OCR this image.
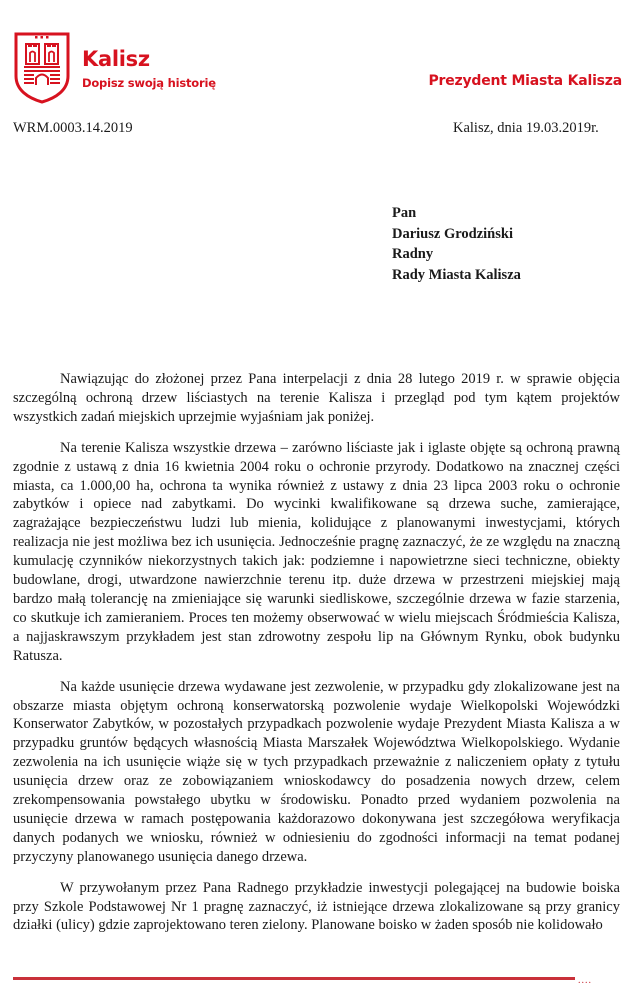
Kalisz
Dopisz swoją historię	Prezydent Miasta Kalisza
WRM.0003.14.2019	Kalisz, dnia 19.03.2019r.
Pan
Dariusz Grodziński
Radny
Rady Miasta Kalisza

Nawiązując do złożonej przez Pana interpelacji z dnia 28 lutego 2019 r. w sprawie objęcia szczególną ochroną drzew liściastych na terenie Kalisza i przegląd pod tym kątem projektów wszystkich zadań miejskich uprzejmie wyjaśniam jak poniżej.

Na terenie Kalisza wszystkie drzewa – zarówno liściaste jak i iglaste objęte są ochroną prawną zgodnie z ustawą z dnia 16 kwietnia 2004 roku o ochronie przyrody. Dodatkowo na znacznej części miasta, ca 1.000,00 ha, ochrona ta wynika również z ustawy z dnia 23 lipca 2003 roku o ochronie zabytków i opiece nad zabytkami. Do wycinki kwalifikowane są drzewa suche, zamierające, zagrażające bezpieczeństwu ludzi lub mienia, kolidujące z planowanymi inwestycjami, których realizacja nie jest możliwa bez ich usunięcia. Jednocześnie pragnę zaznaczyć, że ze względu na znaczną kumulację czynników niekorzystnych takich jak: podziemne i napowietrzne sieci techniczne, obiekty budowlane, drogi, utwardzone nawierzchnie terenu itp. duże drzewa w przestrzeni miejskiej mają bardzo małą tolerancję na zmieniające się warunki siedliskowe, szczególnie drzewa w fazie starzenia, co skutkuje ich zamieraniem. Proces ten możemy obserwować w wielu miejscach Śródmieścia Kalisza, a najjaskrawszym przykładem jest stan zdrowotny zespołu lip na Głównym Rynku, obok budynku Ratusza.

Na każde usunięcie drzewa wydawane jest zezwolenie, w przypadku gdy zlokalizowane jest na obszarze miasta objętym ochroną konserwatorską pozwolenie wydaje Wielkopolski Wojewódzki Konserwator Zabytków, w pozostałych przypadkach pozwolenie wydaje Prezydent Miasta Kalisza a w przypadku gruntów będących własnością Miasta Marszałek Województwa Wielkopolskiego. Wydanie zezwolenia na ich usunięcie wiąże się w tych przypadkach przeważnie z naliczeniem opłaty z tytułu usunięcia drzew oraz ze zobowiązaniem wnioskodawcy do posadzenia nowych drzew, celem zrekompensowania powstałego ubytku w środowisku. Ponadto przed wydaniem pozwolenia na usunięcie drzewa w ramach postępowania każdorazowo dokonywana jest szczegółowa weryfikacja danych podanych we wniosku, również w odniesieniu do zgodności informacji na temat podanej przyczyny planowanego usunięcia danego drzewa.

W przywołanym przez Pana Radnego przykładzie inwestycji polegającej na budowie boiska przy Szkole Podstawowej Nr 1 pragnę zaznaczyć, iż istniejące drzewa zlokalizowane są przy granicy działki (ulicy) gdzie zaprojektowano teren zielony. Planowane boisko w żaden sposób nie kolidowało

....
